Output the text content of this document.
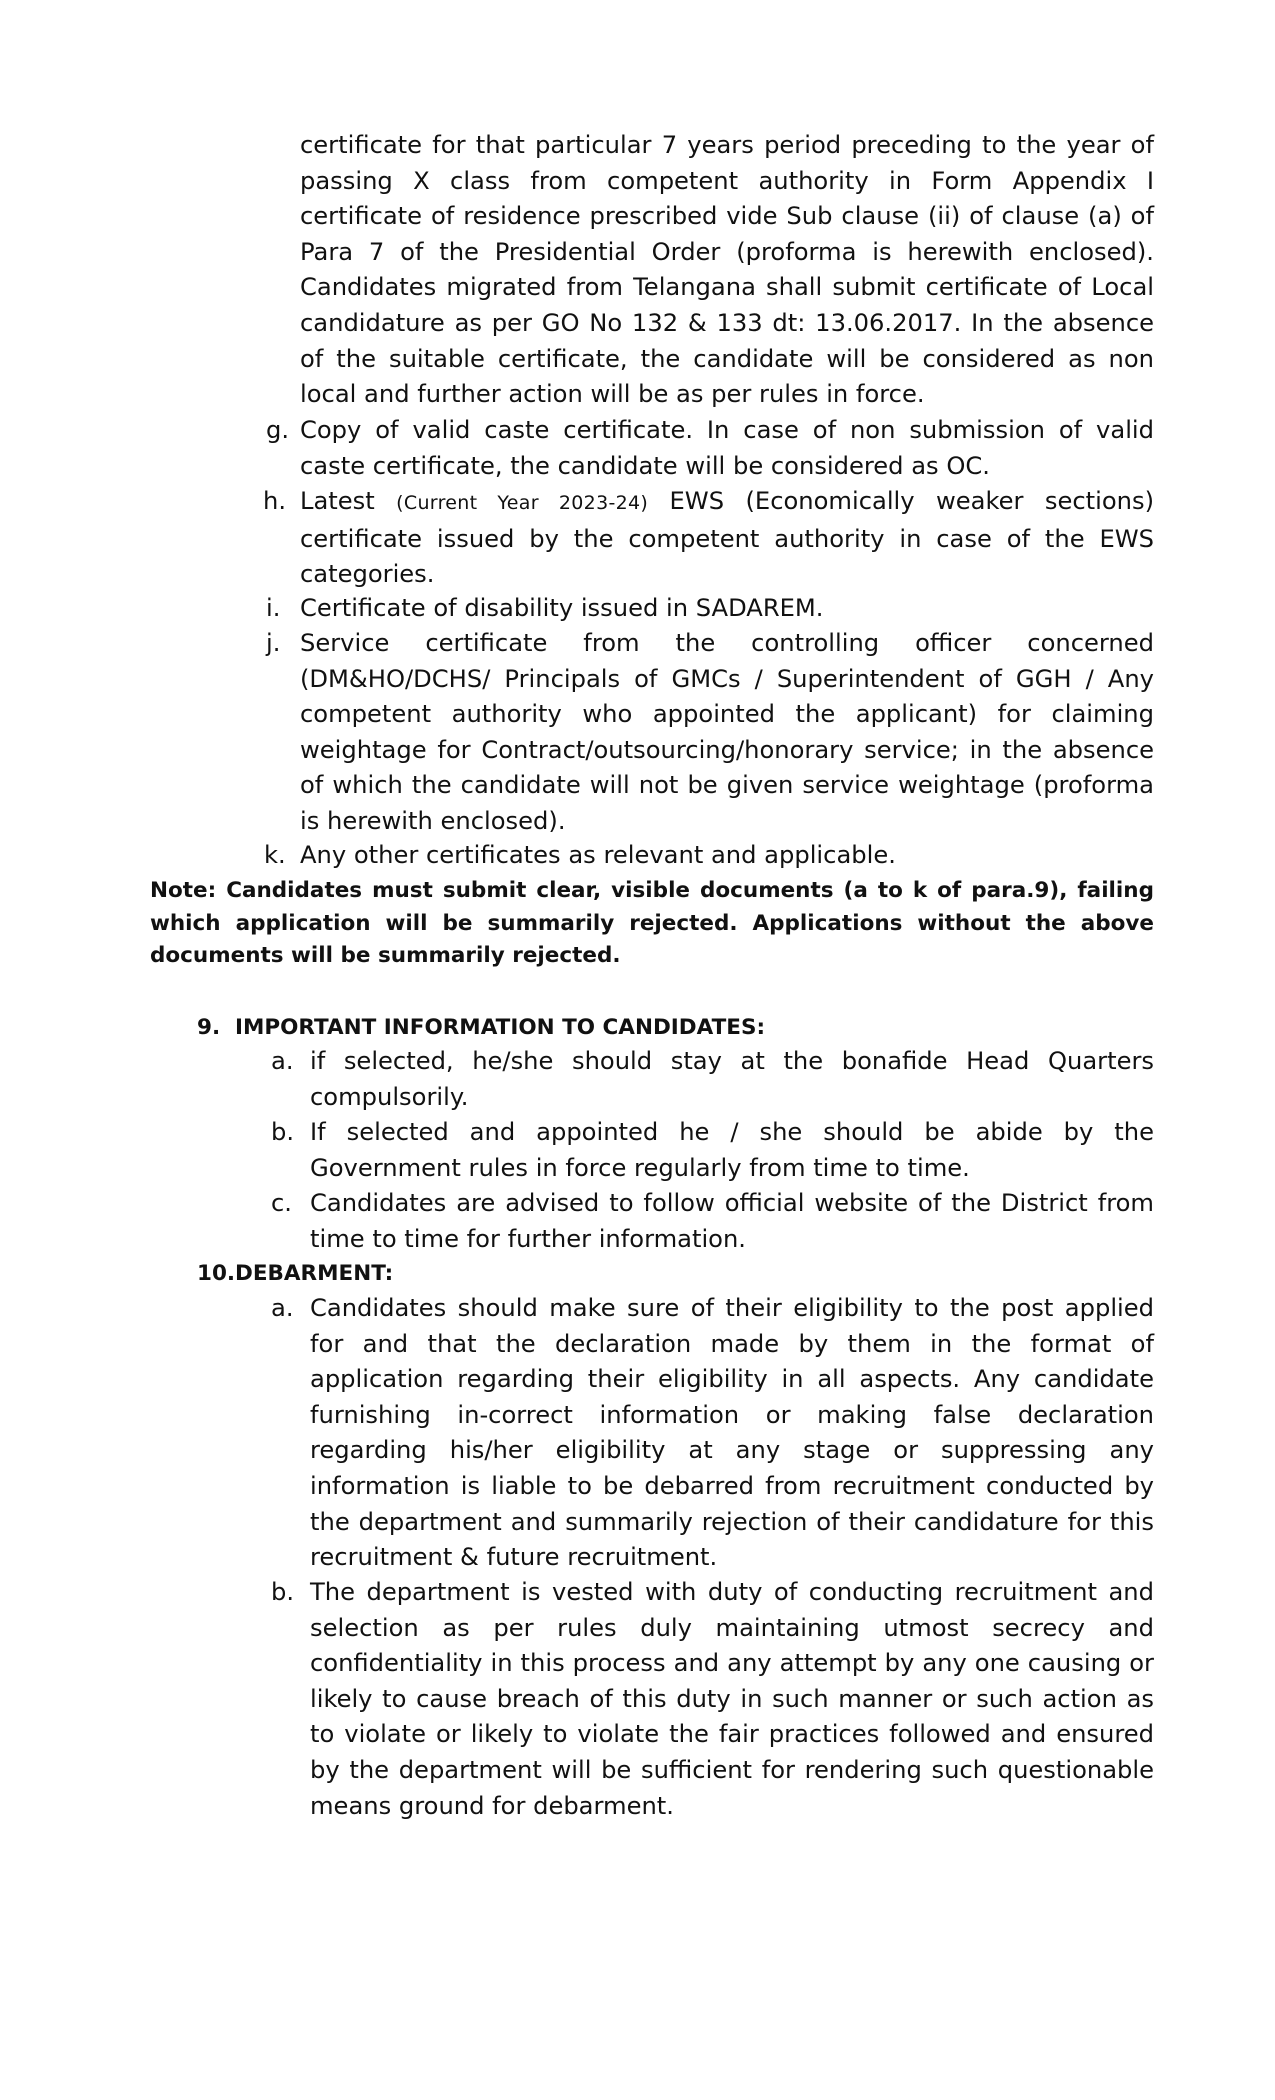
certificate for that particular 7 years period preceding to the year of passing X class from competent authority in Form Appendix I certificate of residence prescribed vide Sub clause (ii) of clause (a) of Para 7 of the Presidential Order (proforma is herewith enclosed). Candidates migrated from Telangana shall submit certificate of Local candidature as per GO No 132 & 133 dt: 13.06.2017. In the absence of the suitable certificate, the candidate will be considered as non local and further action will be as per rules in force.
g. Copy of valid caste certificate. In case of non submission of valid caste certificate, the candidate will be considered as OC.
h. Latest (Current Year 2023-24) EWS (Economically weaker sections) certificate issued by the competent authority in case of the EWS categories.
i. Certificate of disability issued in SADAREM.
j. Service certificate from the controlling officer concerned (DM&HO/DCHS/ Principals of GMCs / Superintendent of GGH / Any competent authority who appointed the applicant) for claiming weightage for Contract/outsourcing/honorary service; in the absence of which the candidate will not be given service weightage (proforma is herewith enclosed).
k. Any other certificates as relevant and applicable.
Note: Candidates must submit clear, visible documents (a to k of para.9), failing which application will be summarily rejected. Applications without the above documents will be summarily rejected.
9. IMPORTANT INFORMATION TO CANDIDATES:
a. if selected, he/she should stay at the bonafide Head Quarters compulsorily.
b. If selected and appointed he / she should be abide by the Government rules in force regularly from time to time.
c. Candidates are advised to follow official website of the District from time to time for further information.
10. DEBARMENT:
a. Candidates should make sure of their eligibility to the post applied for and that the declaration made by them in the format of application regarding their eligibility in all aspects. Any candidate furnishing in-correct information or making false declaration regarding his/her eligibility at any stage or suppressing any information is liable to be debarred from recruitment conducted by the department and summarily rejection of their candidature for this recruitment & future recruitment.
b. The department is vested with duty of conducting recruitment and selection as per rules duly maintaining utmost secrecy and confidentiality in this process and any attempt by any one causing or likely to cause breach of this duty in such manner or such action as to violate or likely to violate the fair practices followed and ensured by the department will be sufficient for rendering such questionable means ground for debarment.
